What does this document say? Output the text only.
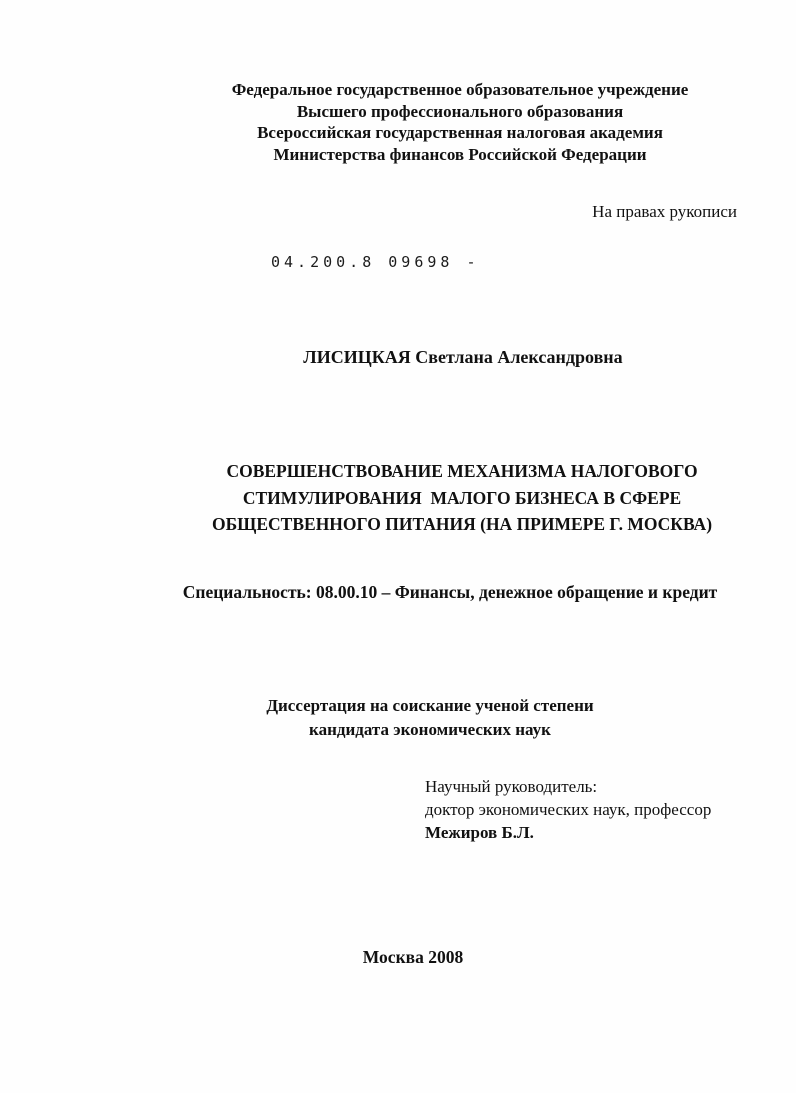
Федеральное государственное образовательное учреждение
Высшего профессионального образования
Всероссийская государственная налоговая академия
Министерства финансов Российской Федерации
На правах рукописи
04.200.8 09698 -
ЛИСИЦКАЯ Светлана Александровна
СОВЕРШЕНСТВОВАНИЕ МЕХАНИЗМА НАЛОГОВОГО
СТИМУЛИРОВАНИЯ  МАЛОГО БИЗНЕСА В СФЕРЕ
ОБЩЕСТВЕННОГО ПИТАНИЯ (НА ПРИМЕРЕ Г. МОСКВА)
Специальность: 08.00.10 – Финансы, денежное обращение и кредит
Диссертация на соискание ученой степени
кандидата экономических наук
Научный руководитель:
доктор экономических наук, профессор
Межиров Б.Л.
Москва 2008
